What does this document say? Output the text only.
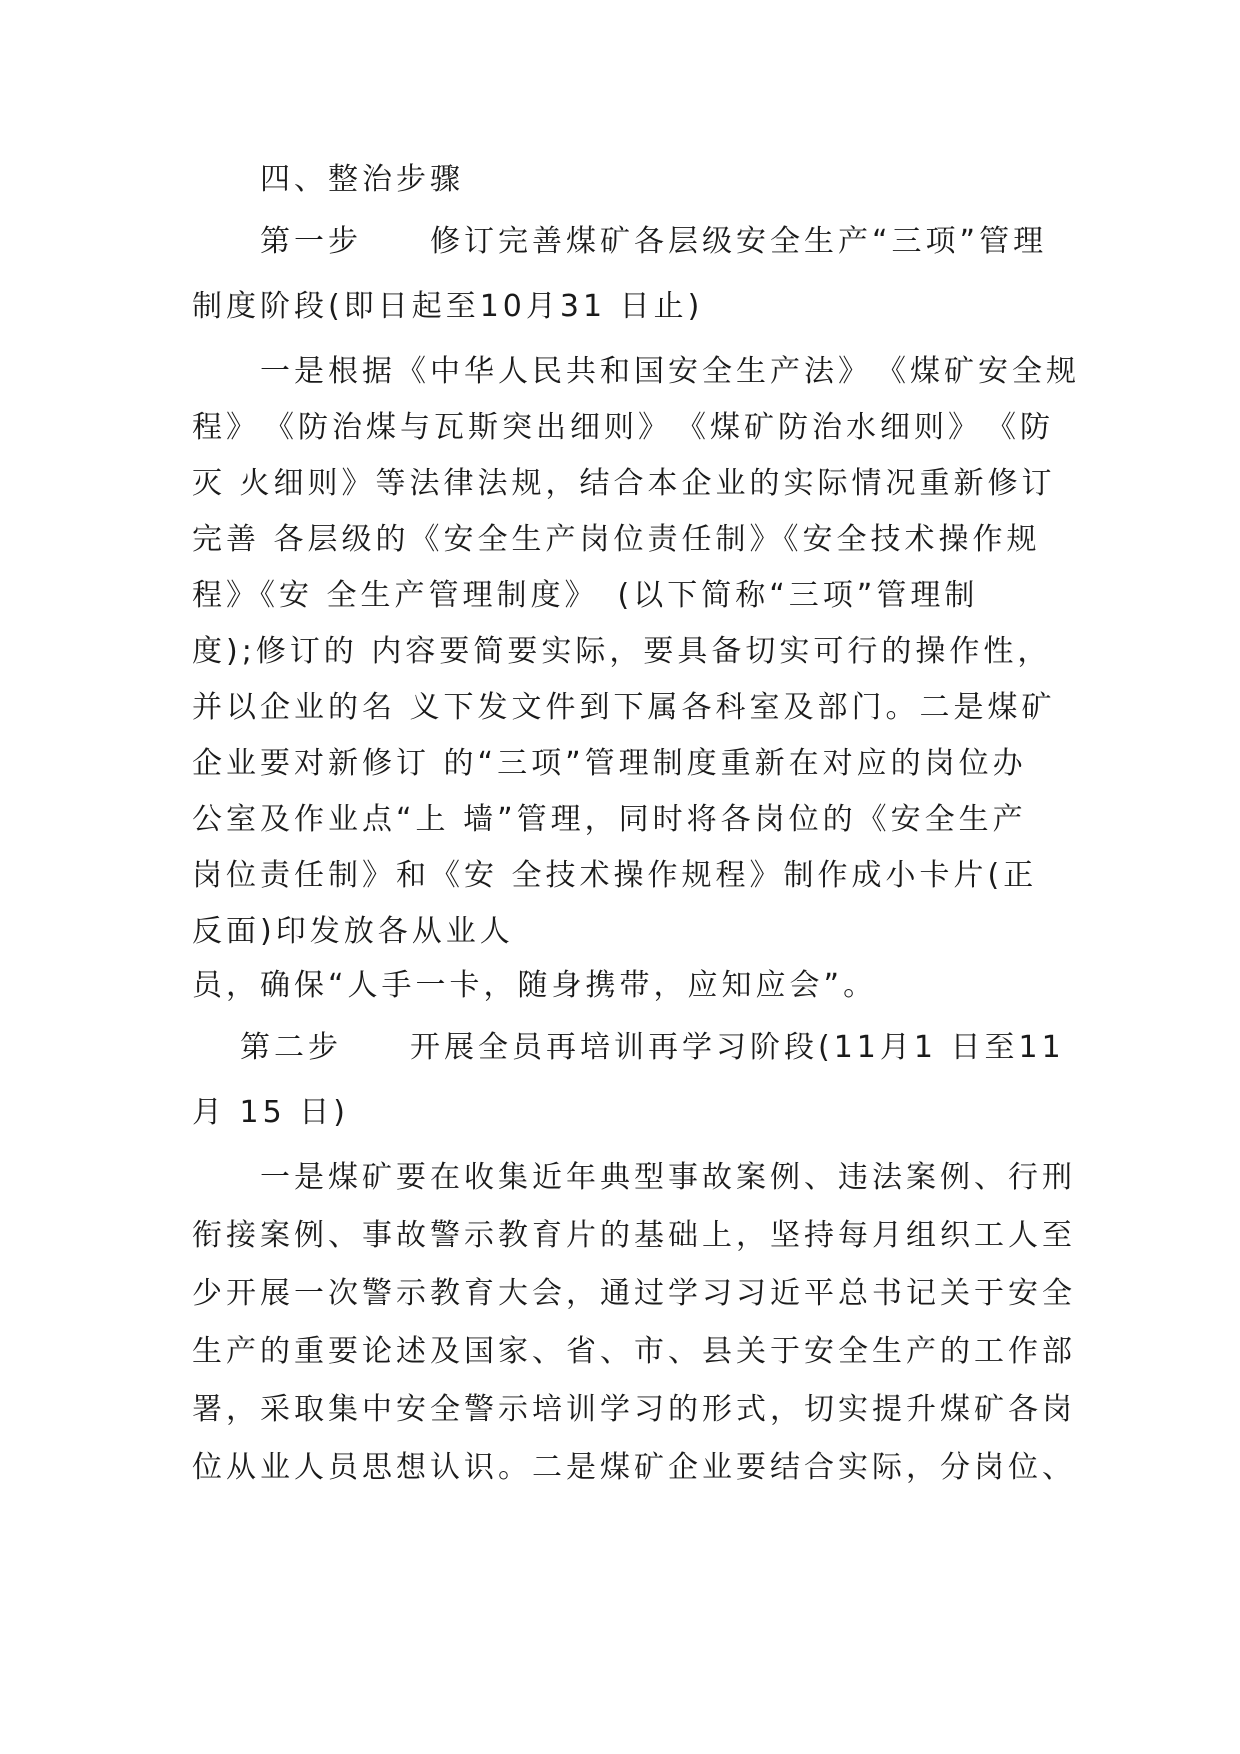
四、整治步骤
第一步　　修订完善煤矿各层级安全生产“三项”管理
制度阶段(即日起至10月31 日止)
一是根据《中华人民共和国安全生产法》　《煤矿安全规
程》　《防治煤与瓦斯突出细则》　《煤矿防治水细则》　《防
灭 火细则》等法律法规，结合本企业的实际情况重新修订
完善 各层级的《安全生产岗位责任制》《安全技术操作规
程》《安 全生产管理制度》　(以下简称“三项”管理制
度);修订的 内容要简要实际，要具备切实可行的操作性，
并以企业的名 义下发文件到下属各科室及部门。二是煤矿
企业要对新修订 的“三项”管理制度重新在对应的岗位办
公室及作业点“上 墙”管理，同时将各岗位的《安全生产
岗位责任制》和《安 全技术操作规程》制作成小卡片(正
反面)印发放各从业人
员，确保“人手一卡，随身携带，应知应会”。
第二步　　开展全员再培训再学习阶段(11月1 日至11
月 15 日)
一是煤矿要在收集近年典型事故案例、违法案例、行刑
衔接案例、事故警示教育片的基础上，坚持每月组织工人至
少开展一次警示教育大会，通过学习习近平总书记关于安全
生产的重要论述及国家、省、市、县关于安全生产的工作部
署，采取集中安全警示培训学习的形式，切实提升煤矿各岗
位从业人员思想认识。二是煤矿企业要结合实际，分岗位、
